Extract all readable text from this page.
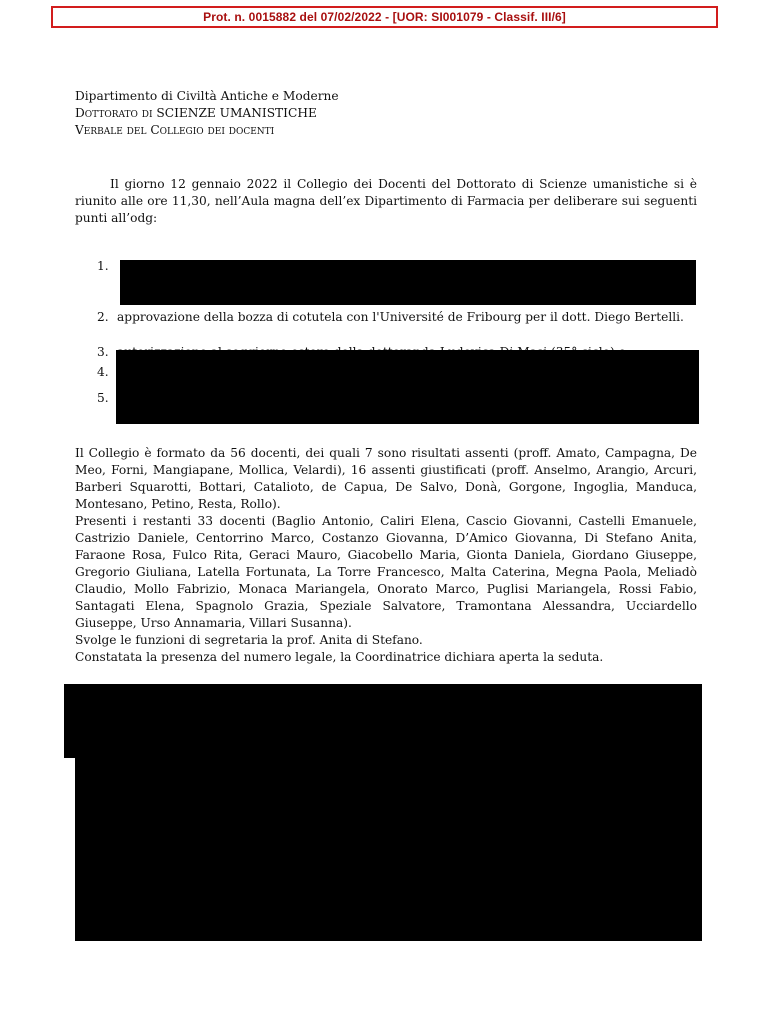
Prot. n. 0015882 del 07/02/2022 - [UOR: SI001079 - Classif. III/6]
Dipartimento di Civiltà Antiche e Moderne
Dottorato di SCIENZE UMANISTICHE
Verbale del Collegio dei docenti

Il giorno 12 gennaio 2022 il Collegio dei Docenti del Dottorato di Scienze umanistiche si è riunito alle ore 11,30, nell’Aula magna dell’ex Dipartimento di Farmacia per deliberare sui seguenti punti all’odg:

1.
2. approvazione della bozza di cotutela con l'Université de Fribourg per il dott. Diego Bertelli.
3.
4.
5.

Il Collegio è formato da 56 docenti, dei quali 7 sono risultati assenti (proff. Amato, Campagna, De Meo, Forni, Mangiapane, Mollica, Velardi), 16 assenti giustificati (proff. Anselmo, Arangio, Arcuri, Barberi Squarotti, Bottari, Catalioto, de Capua, De Salvo, Donà, Gorgone, Ingoglia, Manduca, Montesano, Petino, Resta, Rollo).

Presenti i restanti 33 docenti (Baglio Antonio, Caliri Elena, Cascio Giovanni, Castelli Emanuele, Castrizio Daniele, Centorrino Marco, Costanzo Giovanna, D’Amico Giovanna, Di Stefano Anita, Faraone Rosa, Fulco Rita, Geraci Mauro, Giacobello Maria, Gionta Daniela, Giordano Giuseppe, Gregorio Giuliana, Latella Fortunata, La Torre Francesco, Malta Caterina, Megna Paola, Meliadò Claudio, Mollo Fabrizio, Monaca Mariangela, Onorato Marco, Puglisi Mariangela, Rossi Fabio, Santagati Elena, Spagnolo Grazia, Speziale Salvatore, Tramontana Alessandra, Ucciardello Giuseppe, Urso Annamaria, Villari Susanna).

Svolge le funzioni di segretaria la prof. Anita di Stefano.

Constatata la presenza del numero legale, la Coordinatrice dichiara aperta la seduta.
